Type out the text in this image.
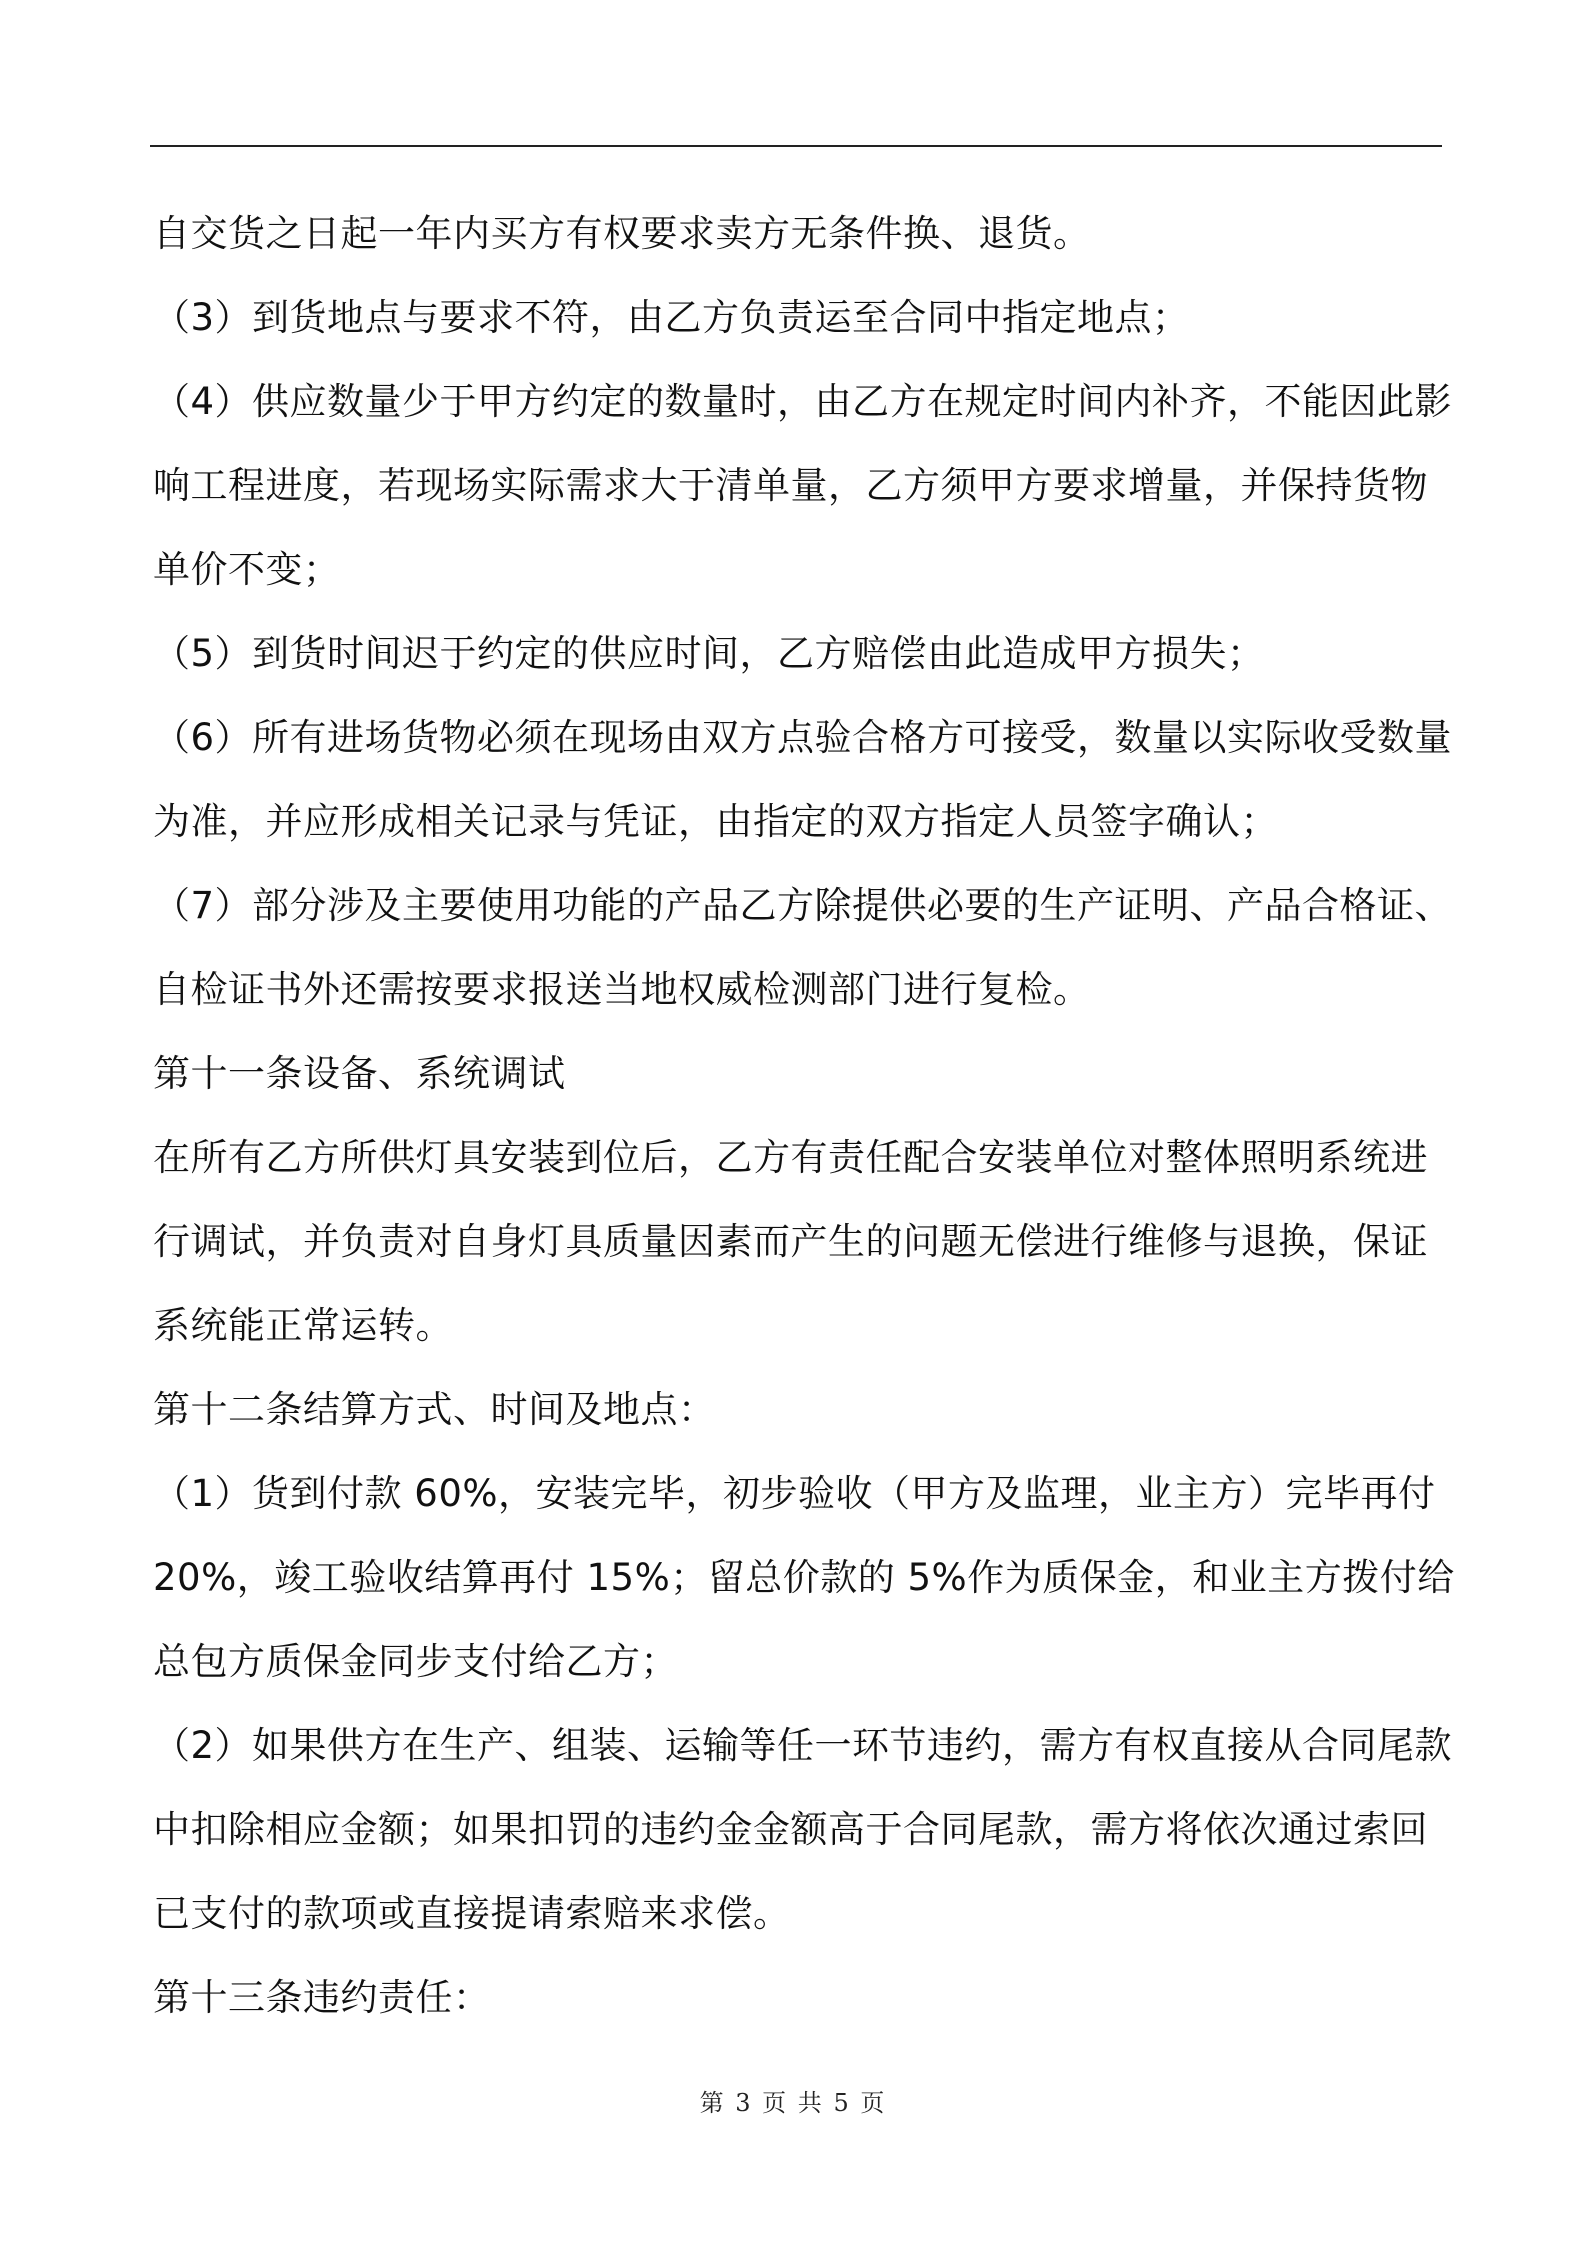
自交货之日起一年内买方有权要求卖方无条件换、退货。
（3）到货地点与要求不符，由乙方负责运至合同中指定地点；
（4）供应数量少于甲方约定的数量时，由乙方在规定时间内补齐，不能因此影
响工程进度，若现场实际需求大于清单量，乙方须甲方要求增量，并保持货物
单价不变；
（5）到货时间迟于约定的供应时间，乙方赔偿由此造成甲方损失；
（6）所有进场货物必须在现场由双方点验合格方可接受，数量以实际收受数量
为准，并应形成相关记录与凭证，由指定的双方指定人员签字确认；
（7）部分涉及主要使用功能的产品乙方除提供必要的生产证明、产品合格证、
自检证书外还需按要求报送当地权威检测部门进行复检。
第十一条设备、系统调试
在所有乙方所供灯具安装到位后，乙方有责任配合安装单位对整体照明系统进
行调试，并负责对自身灯具质量因素而产生的问题无偿进行维修与退换，保证
系统能正常运转。
第十二条结算方式、时间及地点：
（1）货到付款 60%，安装完毕，初步验收（甲方及监理，业主方）完毕再付
20%，竣工验收结算再付 15%；留总价款的 5%作为质保金，和业主方拨付给
总包方质保金同步支付给乙方；
（2）如果供方在生产、组装、运输等任一环节违约，需方有权直接从合同尾款
中扣除相应金额；如果扣罚的违约金金额高于合同尾款，需方将依次通过索回
已支付的款项或直接提请索赔来求偿。
第十三条违约责任：
第 3 页 共 5 页
